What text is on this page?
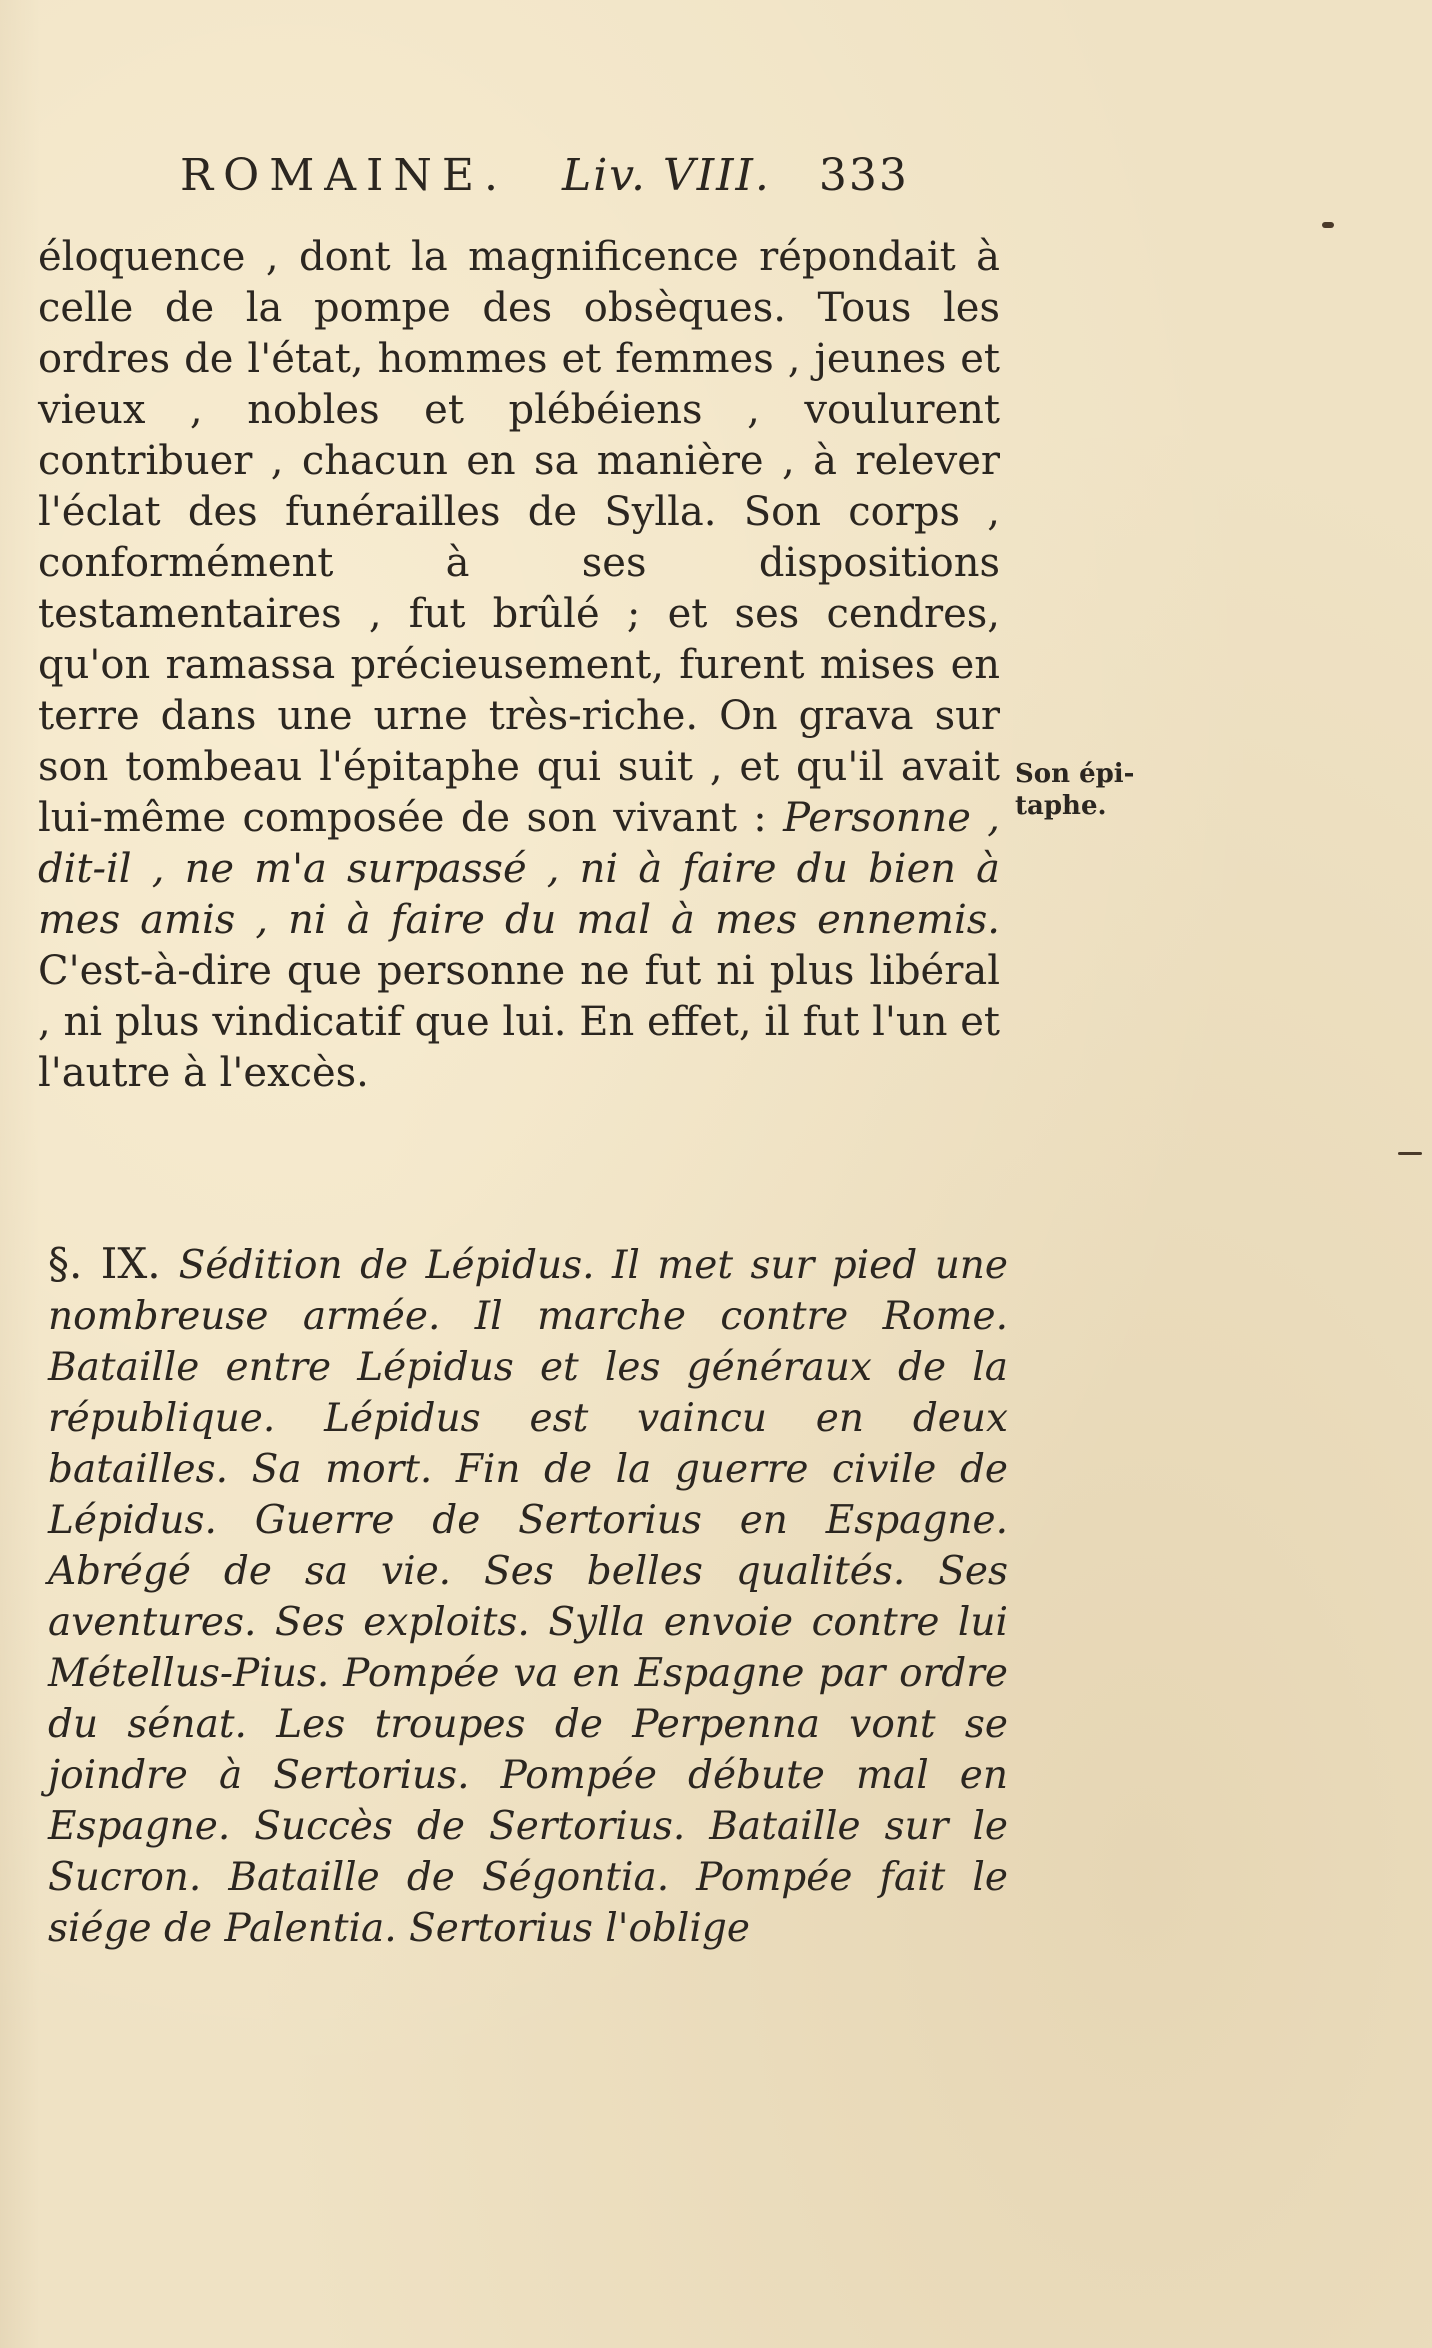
ROMAINE. Liv. VIII. 333

éloquence , dont la magnificence répondait à celle de la pompe des obsèques. Tous les ordres de l'état, hommes et femmes , jeunes et vieux , nobles et plébéiens , voulurent contribuer , chacun en sa manière , à relever l'éclat des funérailles de Sylla. Son corps , conformément à ses dispositions testamentaires , fut brûlé ; et ses cendres, qu'on ramassa précieusement, furent mises en terre dans une urne très-riche. On grava sur son tombeau l'épitaphe qui suit , et qu'il avait lui-même composée de son vivant : Personne , dit-il , ne m'a surpassé , ni à faire du bien à mes amis , ni à faire du mal à mes ennemis. C'est-à-dire que personne ne fut ni plus libéral , ni plus vindicatif que lui. En effet, il fut l'un et l'autre à l'excès.

Son épi-
taphe.
§. IX. Sédition de Lépidus. Il met sur pied une nombreuse armée. Il marche contre Rome. Bataille entre Lépidus et les généraux de la république. Lépidus est vaincu en deux batailles. Sa mort. Fin de la guerre civile de Lépidus. Guerre de Sertorius en Espagne. Abrégé de sa vie. Ses belles qualités. Ses aventures. Ses exploits. Sylla envoie contre lui Métellus-Pius. Pompée va en Espagne par ordre du sénat. Les troupes de Perpenna vont se joindre à Sertorius. Pompée débute mal en Espagne. Succès de Sertorius. Bataille sur le Sucron. Bataille de Ségontia. Pompée fait le siége de Palentia. Sertorius l'oblige
